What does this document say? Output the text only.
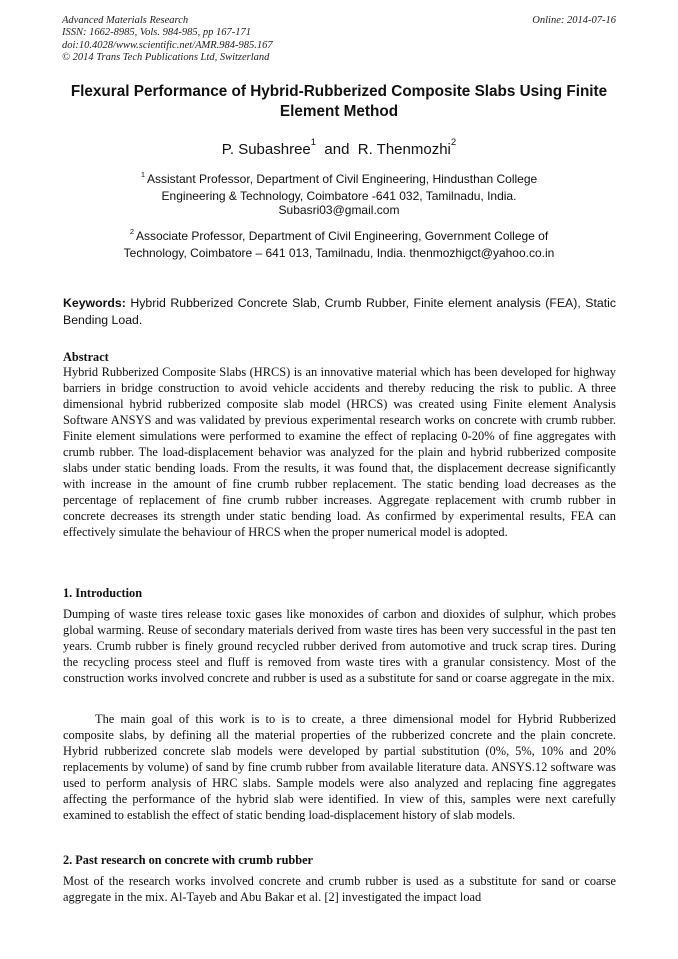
Advanced Materials Research
ISSN: 1662-8985, Vols. 984-985, pp 167-171
doi:10.4028/www.scientific.net/AMR.984-985.167
© 2014 Trans Tech Publications Ltd, Switzerland
Online: 2014-07-16
Flexural Performance of Hybrid-Rubberized Composite Slabs Using Finite Element Method
P. Subashree$^1$ and R. Thenmozhi$^2$
$^1$ Assistant Professor, Department of Civil Engineering, Hindusthan College Engineering & Technology, Coimbatore -641 032, Tamilnadu, India. Subasri03@gmail.com
$^2$ Associate Professor, Department of Civil Engineering, Government College of Technology, Coimbatore – 641 013, Tamilnadu, India. thenmozhigct@yahoo.co.in
Keywords: Hybrid Rubberized Concrete Slab, Crumb Rubber, Finite element analysis (FEA), Static Bending Load.
Abstract
Hybrid Rubberized Composite Slabs (HRCS) is an innovative material which has been developed for highway barriers in bridge construction to avoid vehicle accidents and thereby reducing the risk to public. A three dimensional hybrid rubberized composite slab model (HRCS) was created using Finite element Analysis Software ANSYS and was validated by previous experimental research works on concrete with crumb rubber. Finite element simulations were performed to examine the effect of replacing 0-20% of fine aggregates with crumb rubber. The load-displacement behavior was analyzed for the plain and hybrid rubberized composite slabs under static bending loads. From the results, it was found that, the displacement decrease significantly with increase in the amount of fine crumb rubber replacement. The static bending load decreases as the percentage of replacement of fine crumb rubber increases. Aggregate replacement with crumb rubber in concrete decreases its strength under static bending load. As confirmed by experimental results, FEA can effectively simulate the behaviour of HRCS when the proper numerical model is adopted.
1. Introduction
Dumping of waste tires release toxic gases like monoxides of carbon and dioxides of sulphur, which probes global warming. Reuse of secondary materials derived from waste tires has been very successful in the past ten years. Crumb rubber is finely ground recycled rubber derived from automotive and truck scrap tires. During the recycling process steel and fluff is removed from waste tires with a granular consistency. Most of the construction works involved concrete and rubber is used as a substitute for sand or coarse aggregate in the mix.
The main goal of this work is to is to create, a three dimensional model for Hybrid Rubberized composite slabs, by defining all the material properties of the rubberized concrete and the plain concrete. Hybrid rubberized concrete slab models were developed by partial substitution (0%, 5%, 10% and 20% replacements by volume) of sand by fine crumb rubber from available literature data. ANSYS.12 software was used to perform analysis of HRC slabs. Sample models were also analyzed and replacing fine aggregates affecting the performance of the hybrid slab were identified. In view of this, samples were next carefully examined to establish the effect of static bending load-displacement history of slab models.
2. Past research on concrete with crumb rubber
Most of the research works involved concrete and crumb rubber is used as a substitute for sand or coarse aggregate in the mix. Al-Tayeb and Abu Bakar et al. [2] investigated the impact load
